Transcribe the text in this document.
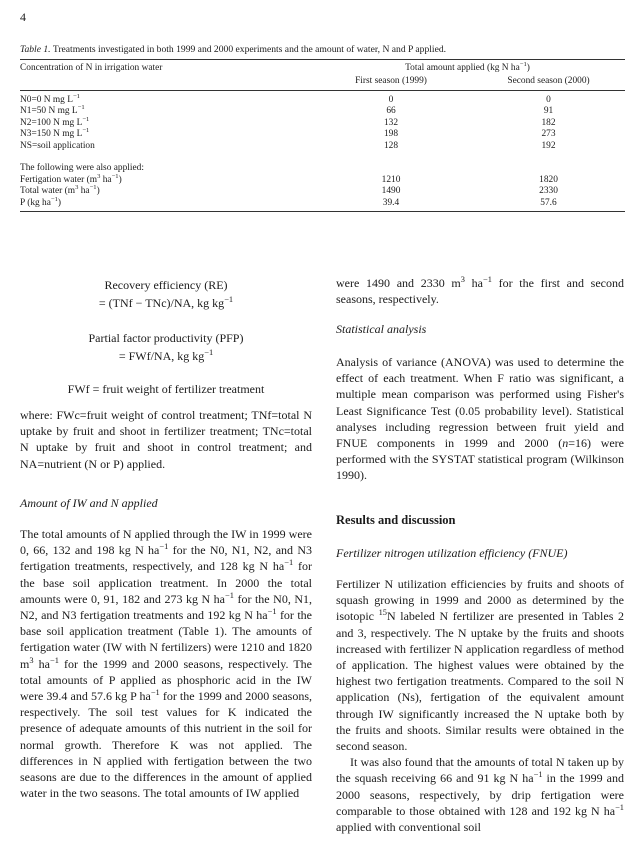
4
Table 1. Treatments investigated in both 1999 and 2000 experiments and the amount of water, N and P applied.
Concentration of N in irrigation water	Total amount applied (kg N $ha^{-1}$)	
	First season (1999)	Second season (2000)
N0=0 N mg $L^{-1}$	0	0
N1=50 N mg $L^{-1}$	66	91
N2=100 N mg $L^{-1}$	132	182
N3=150 N mg $L^{-1}$	198	273
NS=soil application	128	192
The following were also applied:		
Fertigation water ($m^3$ $ha^{-1}$)	1210	1820
Total water ($m^3$ $ha^{-1}$)	1490	2330
P (kg $ha^{-1}$)	39.4	57.6
Recovery efficiency (RE)
= (TNf − TNc)/NA, kg $kg^{-1}$
Partial factor productivity (PFP)
= FWf/NA, kg $kg^{-1}$
FWf = fruit weight of fertilizer treatment

where: FWc=fruit weight of control treatment; TNf=total N uptake by fruit and shoot in fertilizer treatment; TNc=total N uptake by fruit and shoot in control treatment; and NA=nutrient (N or P) applied.

Amount of IW and N applied

The total amounts of N applied through the IW in 1999 were 0, 66, 132 and 198 kg N $ha^{-1}$ for the N0, N1, N2, and N3 fertigation treatments, respectively, and 128 kg N $ha^{-1}$ for the base soil application treatment. In 2000 the total amounts were 0, 91, 182 and 273 kg N $ha^{-1}$ for the N0, N1, N2, and N3 fertigation treatments and 192 kg N $ha^{-1}$ for the base soil application treatment (Table 1). The amounts of fertigation water (IW with N fertilizers) were 1210 and 1820 $m^3$ $ha^{-1}$ for the 1999 and 2000 seasons, respectively. The total amounts of P applied as phosphoric acid in the IW were 39.4 and 57.6 kg P $ha^{-1}$ for the 1999 and 2000 seasons, respectively. The soil test values for K indicated the presence of adequate amounts of this nutrient in the soil for normal growth. Therefore K was not applied. The differences in N applied with fertigation between the two seasons are due to the differences in the amount of applied water in the two seasons. The total amounts of IW applied

were 1490 and 2330 $m^3$ $ha^{-1}$ for the first and second seasons, respectively.

Statistical analysis

Analysis of variance (ANOVA) was used to determine the effect of each treatment. When F ratio was significant, a multiple mean comparison was performed using Fisher's Least Significance Test (0.05 probability level). Statistical analyses including regression between fruit yield and FNUE components in 1999 and 2000 (n=16) were performed with the SYSTAT statistical program (Wilkinson 1990).

Results and discussion
Fertilizer nitrogen utilization efficiency (FNUE)

Fertilizer N utilization efficiencies by fruits and shoots of squash growing in 1999 and 2000 as determined by the isotopic $^{15}$N labeled N fertilizer are presented in Tables 2 and 3, respectively. The N uptake by the fruits and shoots increased with fertilizer N application regardless of method of application. The highest values were obtained by the highest two fertigation treatments. Compared to the soil N application (Ns), fertigation of the equivalent amount through IW significantly increased the N uptake both by the fruits and shoots. Similar results were obtained in the second season.

It was also found that the amounts of total N taken up by the squash receiving 66 and 91 kg N $ha^{-1}$ in the 1999 and 2000 seasons, respectively, by drip fertigation were comparable to those obtained with 128 and 192 kg N $ha^{-1}$ applied with conventional soil
